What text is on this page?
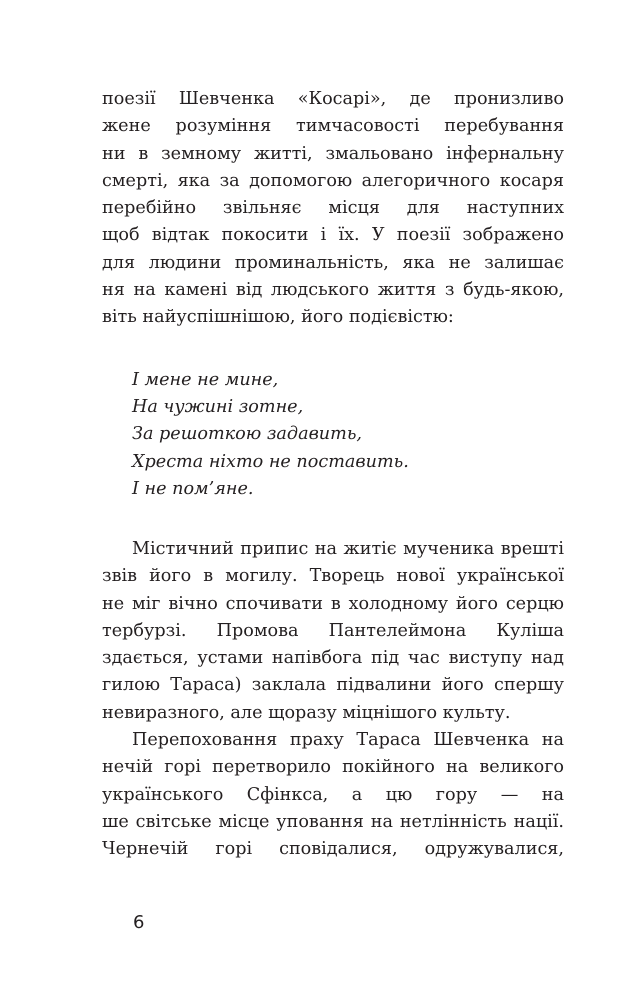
поезії Шевченка «Косарі», де пронизливо
жене розуміння тимчасовості перебування
ни в земному житті, змальовано інфернальну
смерті, яка за допомогою алегоричного косаря
перебійно звільняє місця для наступних
щоб відтак покосити і їх. У поезії зображено
для людини проминальність, яка не залишає
ня на камені від людського життя з будь-якою,
віть найуспішнішою, його подієвістю:
І мене не мине,
На чужині зотне,
За решоткою задавить,
Хреста ніхто не поставить.
І не пом’яне.
Містичний припис на житіє мученика врешті
звів його в могилу. Творець нової української
не міг вічно спочивати в холодному його серцю
тербурзі. Промова Пантелеймона Куліша
здається, устами напівбога під час виступу над
гилою Тараса) заклала підвалини його спершу
невиразного, але щоразу міцнішого культу.
Перепоховання праху Тараса Шевченка на
нечій горі перетворило покійного на великого
українського Сфінкса, а цю гору — на
ше світське місце уповання на нетлінність нації.
Чернечій горі сповідалися, одружувалися,
6
